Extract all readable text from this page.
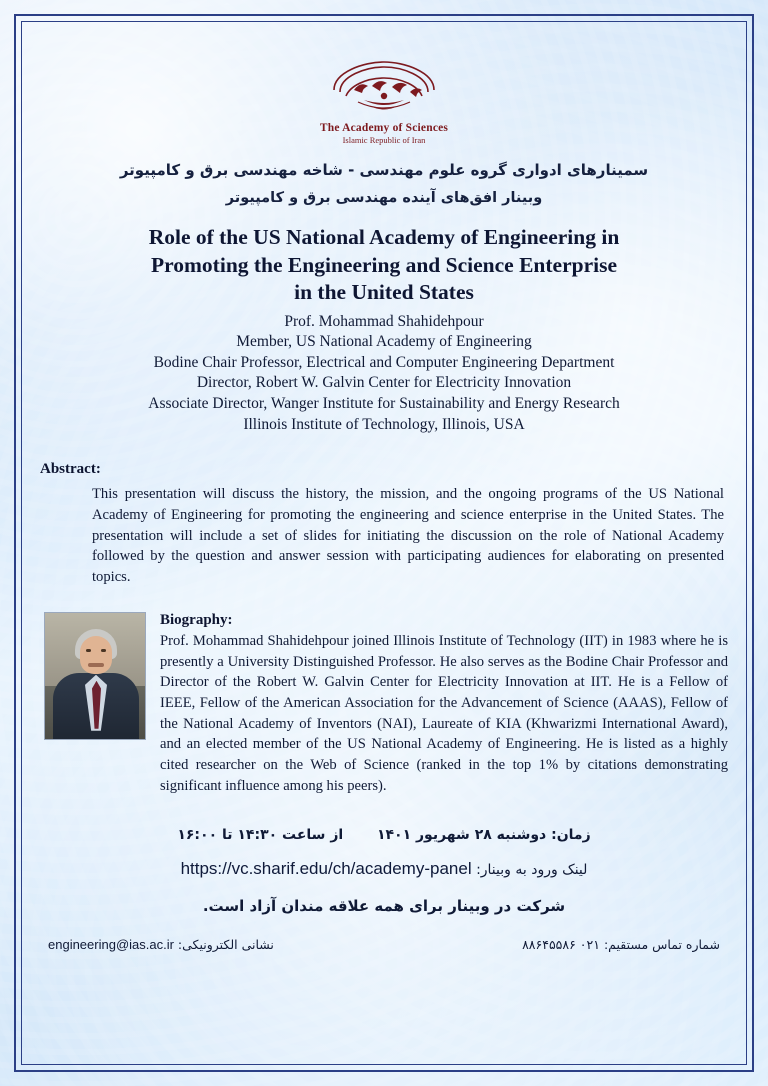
The Academy of Sciences
Islamic Republic of Iran
سمینارهای ادواری گروه علوم مهندسی - شاخه مهندسی برق و کامپیوتر
وبینار افق‌های آینده مهندسی برق و کامپیوتر
Role of the US National Academy of Engineering in
Promoting the Engineering and Science Enterprise
in the United States
Prof. Mohammad Shahidehpour
Member, US National Academy of Engineering
Bodine Chair Professor, Electrical and Computer Engineering Department
Director, Robert W. Galvin Center for Electricity Innovation
Associate Director, Wanger Institute for Sustainability and Energy Research
Illinois Institute of Technology, Illinois, USA
Abstract:
This presentation will discuss the history, the mission, and the ongoing programs of the US National Academy of Engineering for promoting the engineering and science enterprise in the United States. The presentation will include a set of slides for initiating the discussion on the role of National Academy followed by the question and answer session with participating audiences for elaborating on presented topics.
Biography:
Prof. Mohammad Shahidehpour joined Illinois Institute of Technology (IIT) in 1983 where he is presently a University Distinguished Professor. He also serves as the Bodine Chair Professor and Director of the Robert W. Galvin Center for Electricity Innovation at IIT. He is a Fellow of IEEE, Fellow of the American Association for the Advancement of Science (AAAS), Fellow of the National Academy of Inventors (NAI), Laureate of KIA (Khwarizmi International Award), and an elected member of the US National Academy of Engineering. He is listed as a highly cited researcher on the Web of Science (ranked in the top 1% by citations demonstrating significant influence among his peers).
زمان: دوشنبه ۲۸ شهریور ۱۴۰۱  از ساعت ۱۴:۳۰ تا ۱۶:۰۰
لینک ورود به وبینار: https://vc.sharif.edu/ch/academy-panel
شرکت در وبینار برای همه علاقه مندان آزاد است.
شماره تماس مستقیم: ۰۲۱ ۸۸۶۴۵۵۸۶
نشانی الکترونیکی: engineering@ias.ac.ir
